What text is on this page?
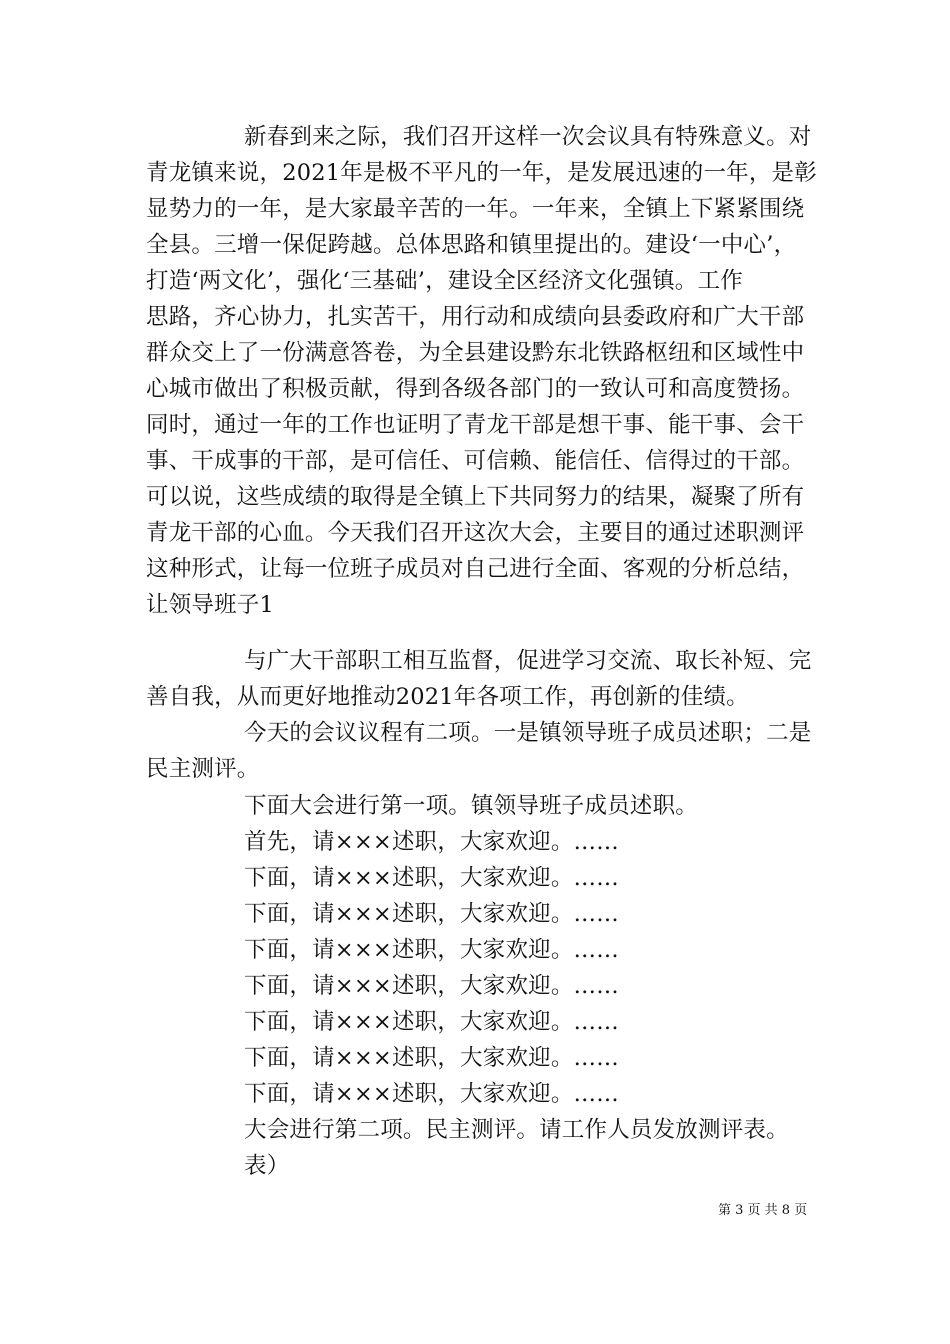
新春到来之际，我们召开这样一次会议具有特殊意义。对
青龙镇来说，2021年是极不平凡的一年，是发展迅速的一年，是彰
显势力的一年，是大家最辛苦的一年。一年来，全镇上下紧紧围绕
全县。三增一保促跨越。总体思路和镇里提出的。建设‘一中心’，
打造‘两文化’，强化‘三基础’，建设全区经济文化强镇。工作
思路，齐心协力，扎实苦干，用行动和成绩向县委政府和广大干部
群众交上了一份满意答卷，为全县建设黔东北铁路枢纽和区域性中
心城市做出了积极贡献，得到各级各部门的一致认可和高度赞扬。
同时，通过一年的工作也证明了青龙干部是想干事、能干事、会干
事、干成事的干部，是可信任、可信赖、能信任、信得过的干部。
可以说，这些成绩的取得是全镇上下共同努力的结果，凝聚了所有
青龙干部的心血。今天我们召开这次大会，主要目的通过述职测评
这种形式，让每一位班子成员对自己进行全面、客观的分析总结，
让领导班子1
与广大干部职工相互监督，促进学习交流、取长补短、完
善自我，从而更好地推动2021年各项工作，再创新的佳绩。
今天的会议议程有二项。一是镇领导班子成员述职；二是
民主测评。
下面大会进行第一项。镇领导班子成员述职。
首先，请×××述职，大家欢迎。……
下面，请×××述职，大家欢迎。……
下面，请×××述职，大家欢迎。……
下面，请×××述职，大家欢迎。……
下面，请×××述职，大家欢迎。……
下面，请×××述职，大家欢迎。……
下面，请×××述职，大家欢迎。……
下面，请×××述职，大家欢迎。……
大会进行第二项。民主测评。请工作人员发放测评表。
表）
第 3 页 共 8 页
